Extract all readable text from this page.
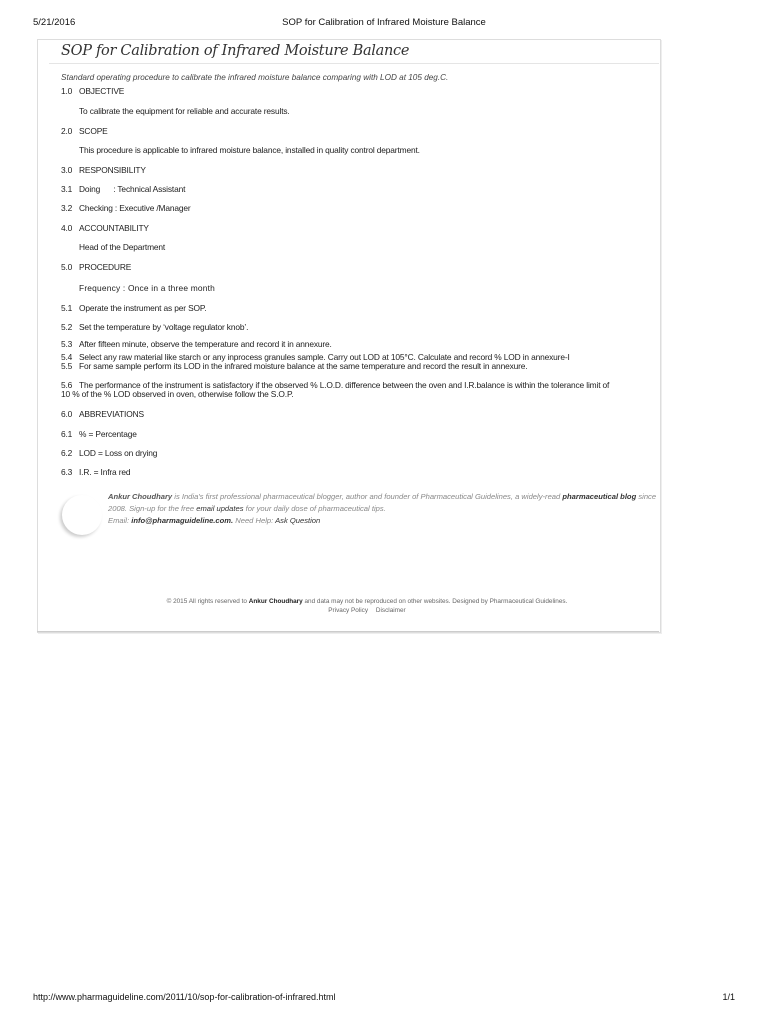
5/21/2016	SOP for Calibration of Infrared Moisture Balance
SOP for Calibration of Infrared Moisture Balance
Standard operating procedure to calibrate the infrared moisture balance comparing with LOD at 105 deg.C.
1.0 OBJECTIVE
To calibrate the equipment for reliable and accurate results.
2.0 SCOPE
This procedure is applicable to infrared moisture balance, installed in quality control department.
3.0 RESPONSIBILITY
3.1 Doing      : Technical Assistant
3.2 Checking : Executive /Manager
4.0 ACCOUNTABILITY
Head of the Department
5.0 PROCEDURE
Frequency : Once in a three month
5.1 Operate the instrument as per SOP.
5.2 Set the temperature by ‘voltage regulator knob’.
5.3 After fifteen minute, observe the temperature and record it in annexure.
5.4 Select any raw material like starch or any inprocess granules sample. Carry out LOD at 105°C. Calculate and record % LOD in annexure-I
5.5 For same sample perform its LOD in the infrared moisture balance at the same temperature and record the result in annexure.
5.6 The performance of the instrument is satisfactory if the observed % L.O.D. difference between the oven and I.R.balance is within the tolerance limit of
10 % of the % LOD observed in oven, otherwise follow the S.O.P.
6.0 ABBREVIATIONS
6.1 % = Percentage
6.2 LOD = Loss on drying
6.3 I.R. = Infra red
Ankur Choudhary is India's first professional pharmaceutical blogger, author and founder of Pharmaceutical Guidelines, a widely-read pharmaceutical blog since 2008. Sign-up for the free email updates for your daily dose of pharmaceutical tips.
Email: info@pharmaguideline.com. Need Help: Ask Question
© 2015 All rights reserved to Ankur Choudhary and data may not be reproduced on other websites. Designed by Pharmaceutical Guidelines.
Privacy Policy Disclaimer
http://www.pharmaguideline.com/2011/10/sop-for-calibration-of-infrared.html	1/1
